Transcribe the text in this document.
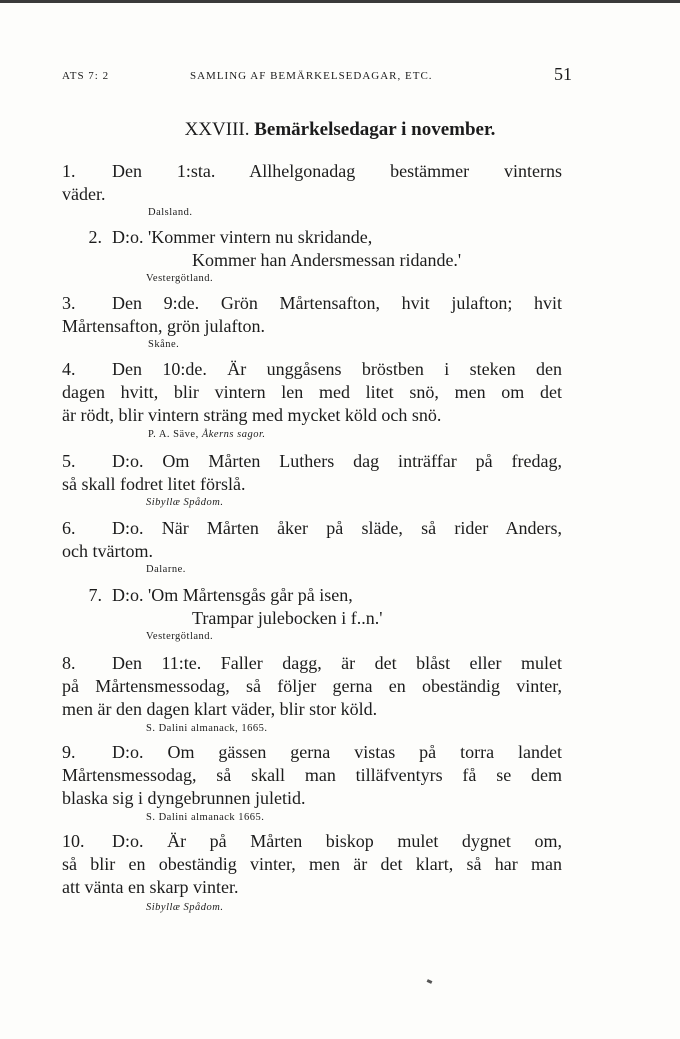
ATS 7: 2	SAMLING AF BEMÄRKELSEDAGAR, ETC.	51
XXVIII. Bemärkelsedagar i november.
1. Den 1:sta. Allhelgonadag bestämmer vinterns
väder.
Dalsland.
2. D:o. 'Kommer vintern nu skridande,
Kommer han Andersmessan ridande.'
Vestergötland.
3. Den 9:de. Grön Mårtensafton, hvit julafton; hvit
Mårtensafton, grön julafton.
Skåne.
4. Den 10:de. Är unggåsens bröstben i steken den
dagen hvitt, blir vintern len med litet snö, men om det
är rödt, blir vintern sträng med mycket köld och snö.
P. A. Säve, Åkerns sagor.
5. D:o. Om Mårten Luthers dag inträffar på fredag,
så skall fodret litet förslå.
Sibyllæ Spådom.
6. D:o. När Mårten åker på släde, så rider Anders,
och tvärtom.
Dalarne.
7. D:o. 'Om Mårtensgås går på isen,
Trampar julebocken i f..n.'
Vestergötland.
8. Den 11:te. Faller dagg, är det blåst eller mulet
på Mårtensmessodag, så följer gerna en obeständig vinter,
men är den dagen klart väder, blir stor köld.
S. Dalini almanack, 1665.
9. D:o. Om gässen gerna vistas på torra landet
Mårtensmessodag, så skall man tilläfventyrs få se dem
blaska sig i dyngebrunnen juletid.
S. Dalini almanack 1665.
10. D:o. Är på Mårten biskop mulet dygnet om,
så blir en obeständig vinter, men är det klart, så har man
att vänta en skarp vinter.
Sibyllæ Spådom.
